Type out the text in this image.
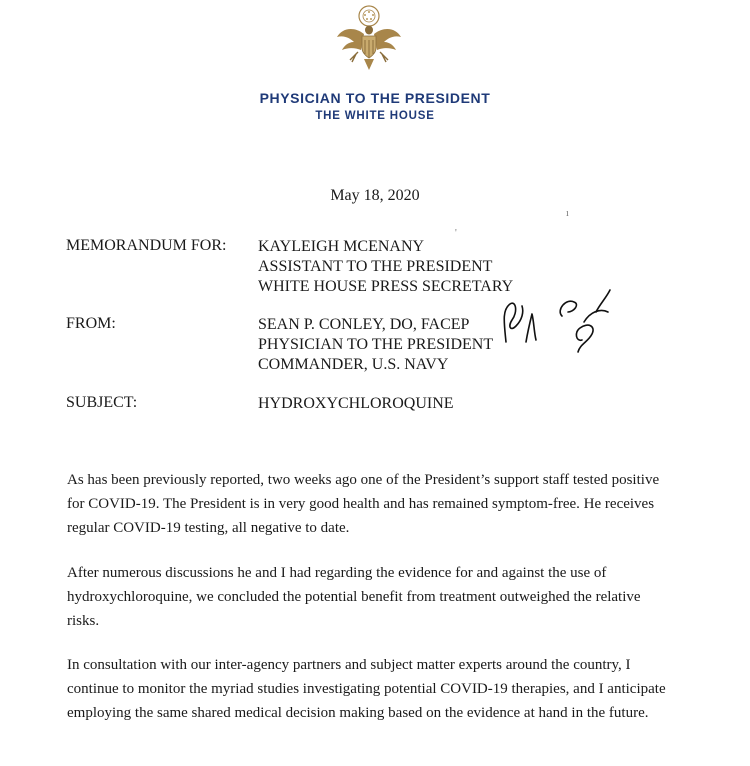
PHYSICIAN TO THE PRESIDENT
THE WHITE HOUSE
May 18, 2020
MEMORANDUM FOR: KAYLEIGH MCENANY
ASSISTANT TO THE PRESIDENT
WHITE HOUSE PRESS SECRETARY
FROM:	SEAN P. CONLEY, DO, FACEP
PHYSICIAN TO THE PRESIDENT
COMMANDER, U.S. NAVY
SUBJECT:	HYDROXYCHLOROQUINE

As has been previously reported, two weeks ago one of the President’s support staff tested positive for COVID-19. The President is in very good health and has remained symptom-free. He receives regular COVID-19 testing, all negative to date.

After numerous discussions he and I had regarding the evidence for and against the use of hydroxychloroquine, we concluded the potential benefit from treatment outweighed the relative risks.

In consultation with our inter-agency partners and subject matter experts around the country, I continue to monitor the myriad studies investigating potential COVID-19 therapies, and I anticipate employing the same shared medical decision making based on the evidence at hand in the future.

ı
'
